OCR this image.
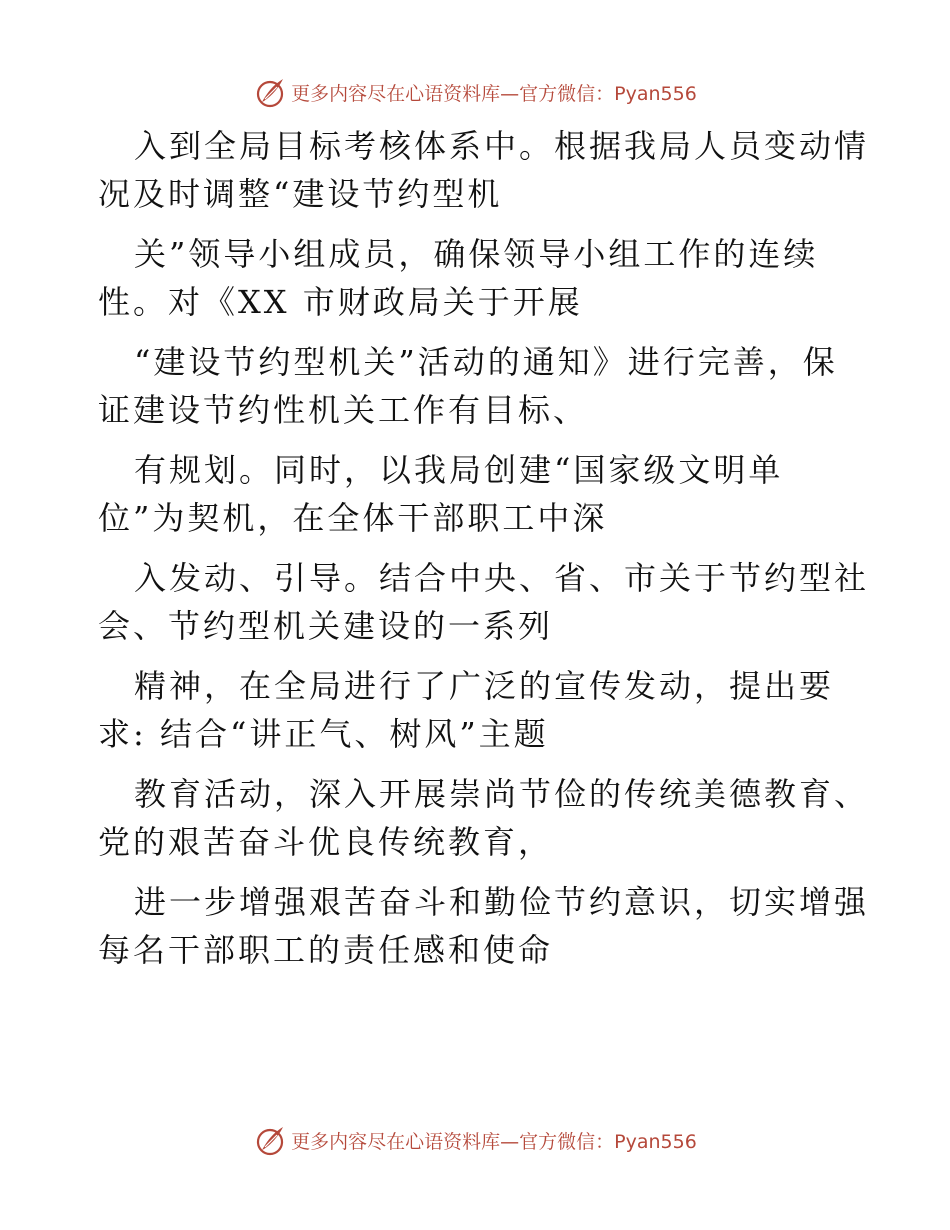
更多内容尽在心语资料库—官方微信：Pyan556
入到全局目标考核体系中。根据我局人员变动情
况及时调整“建设节约型机
关”领导小组成员，确保领导小组工作的连续
性。对《XX 市财政局关于开展
“建设节约型机关”活动的通知》进行完善，保
证建设节约性机关工作有目标、
有规划。同时，以我局创建“国家级文明单
位”为契机，在全体干部职工中深
入发动、引导。结合中央、省、市关于节约型社
会、节约型机关建设的一系列
精神，在全局进行了广泛的宣传发动，提出要
求: 结合“讲正气、树风”主题
教育活动，深入开展崇尚节俭的传统美德教育、
党的艰苦奋斗优良传统教育，
进一步增强艰苦奋斗和勤俭节约意识，切实增强
每名干部职工的责任感和使命
更多内容尽在心语资料库—官方微信：Pyan556
